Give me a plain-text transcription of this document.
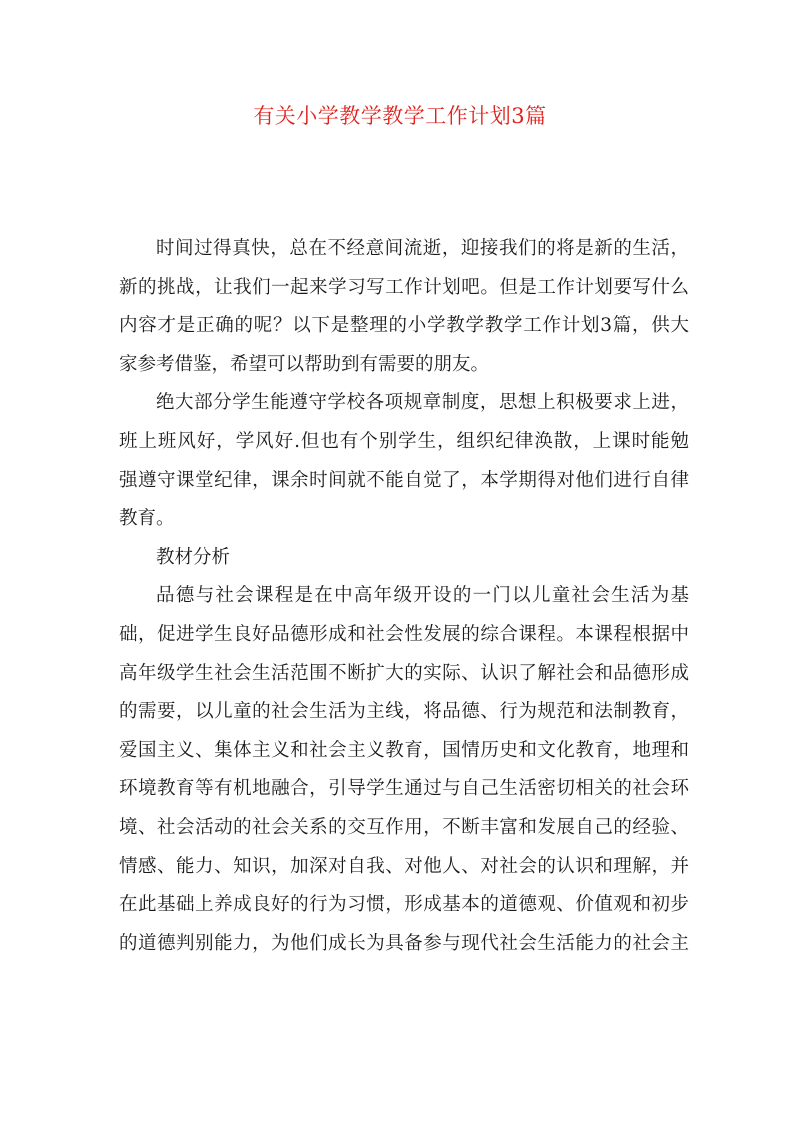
有关小学教学教学工作计划3篇

时间过得真快，总在不经意间流逝，迎接我们的将是新的生活，
新的挑战，让我们一起来学习写工作计划吧。但是工作计划要写什么
内容才是正确的呢？以下是整理的小学教学教学工作计划3篇，供大
家参考借鉴，希望可以帮助到有需要的朋友。

绝大部分学生能遵守学校各项规章制度，思想上积极要求上进，
班上班风好，学风好.但也有个别学生，组织纪律涣散，上课时能勉
强遵守课堂纪律，课余时间就不能自觉了，本学期得对他们进行自律
教育。

教材分析

品德与社会课程是在中高年级开设的一门以儿童社会生活为基
础，促进学生良好品德形成和社会性发展的综合课程。本课程根据中
高年级学生社会生活范围不断扩大的实际、认识了解社会和品德形成
的需要，以儿童的社会生活为主线，将品德、行为规范和法制教育，
爱国主义、集体主义和社会主义教育，国情历史和文化教育，地理和
环境教育等有机地融合，引导学生通过与自己生活密切相关的社会环
境、社会活动的社会关系的交互作用，不断丰富和发展自己的经验、
情感、能力、知识，加深对自我、对他人、对社会的认识和理解，并
在此基础上养成良好的行为习惯，形成基本的道德观、价值观和初步
的道德判别能力，为他们成长为具备参与现代社会生活能力的社会主
